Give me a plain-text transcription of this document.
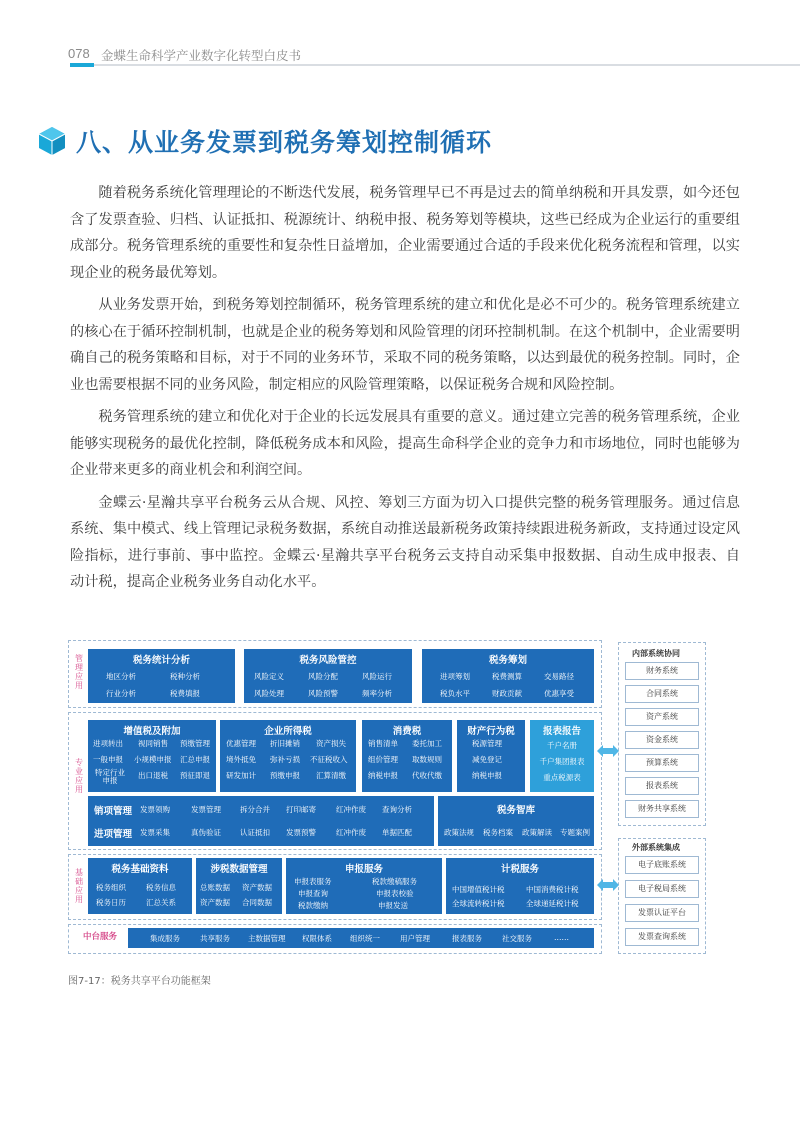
078 金蝶生命科学产业数字化转型白皮书
八、从业务发票到税务筹划控制循环

随着税务系统化管理理论的不断迭代发展，税务管理早已不再是过去的简单纳税和开具发票，如今还包含了发票查验、归档、认证抵扣、税源统计、纳税申报、税务筹划等模块，这些已经成为企业运行的重要组成部分。税务管理系统的重要性和复杂性日益增加，企业需要通过合适的手段来优化税务流程和管理，以实现企业的税务最优筹划。

从业务发票开始，到税务筹划控制循环，税务管理系统的建立和优化是必不可少的。税务管理系统建立的核心在于循环控制机制，也就是企业的税务筹划和风险管理的闭环控制机制。在这个机制中，企业需要明确自己的税务策略和目标，对于不同的业务环节，采取不同的税务策略，以达到最优的税务控制。同时，企业也需要根据不同的业务风险，制定相应的风险管理策略，以保证税务合规和风险控制。

税务管理系统的建立和优化对于企业的长远发展具有重要的意义。通过建立完善的税务管理系统，企业能够实现税务的最优化控制，降低税务成本和风险，提高生命科学企业的竞争力和市场地位，同时也能够为企业带来更多的商业机会和利润空间。

金蝶云·星瀚共享平台税务云从合规、风控、筹划三方面为切入口提供完整的税务管理服务。通过信息系统、集中模式、线上管理记录税务数据，系统自动推送最新税务政策持续跟进税务新政，支持通过设定风险指标，进行事前、事中监控。金蝶云·星瀚共享平台税务云支持自动采集申报数据、自动生成申报表、自动计税，提高企业税务业务自动化水平。

管理应用
专业应用
基础应用
税务统计分析
地区分析	税种分析
行业分析	税费填报
税务风险管控
风险定义	风险分配	风险运行
风险处理	风险预警	频率分析
税务筹划
进项筹划	税费测算	交易路径
税负水平	财政贡献	优惠享受
增值税及附加
进项转出 视同销售 预缴管理
一般申报 小规模申报 汇总申报
特定行业申报
出口退税 预征即退
企业所得税
优惠管理 折旧摊销 资产损失
境外抵免 弥补亏损 不征税收入
研发加计 预缴申报 汇算清缴
消费税
销售清单 委托加工
组价管理 取数规则
纳税申报 代收代缴
财产行为税
税源管理
减免登记
纳税申报
报表报告
千户名册
千户集团报表
重点税源表
销项管理 发票领购	发票管理	拆分合并 打印邮寄	红冲作废 查询分析
进项管理 发票采集	真伪验证	认证抵扣 发票预警	红冲作废 单据匹配
税务智库
政策法规 税务档案 政策解读 专题案例
税务基础资料
税务组织	税务信息
税务日历	汇总关系
涉税数据管理
总账数据 资产数据
资产数据 合同数据
申报服务
申报表服务	税款缴稿服务
申报查询	申报表校验
税款缴纳	申报发送
计税服务
中国增值税计税	中国消费税计税
全球流转税计税	全球递延税计税
中台服务	集成服务	共享服务 主数据管理 权限体系 组织统一	用户管理	报表服务	社交服务	……
内部系统协同
财务系统
合同系统
资产系统
资金系统
预算系统
报表系统
财务共享系统
外部系统集成
电子底账系统
电子税局系统
发票认证平台
发票查询系统
图7-17：税务共享平台功能框架
